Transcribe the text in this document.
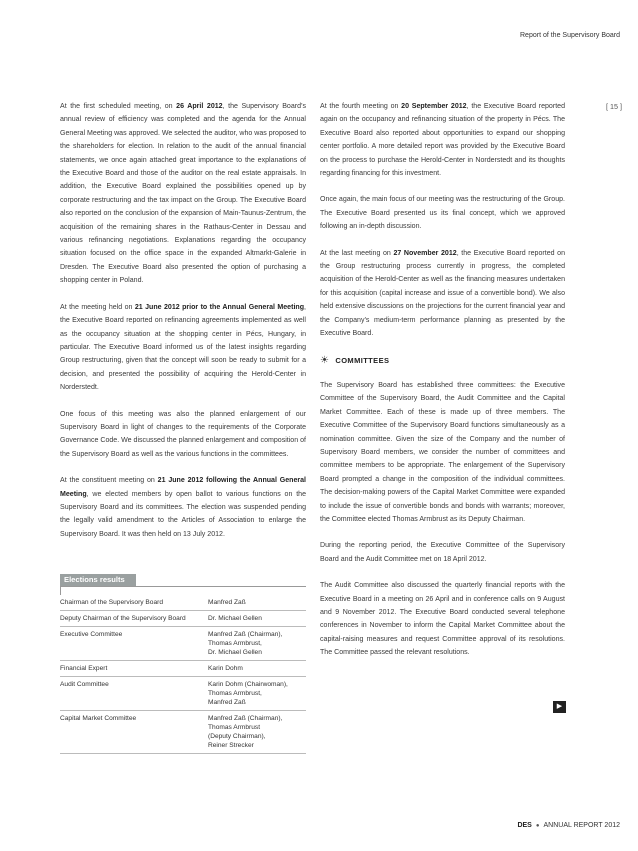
Report of the Supervisory Board
[ 15 ]

At the first scheduled meeting, on 26 April 2012, the Supervisory Board’s annual review of efficiency was completed and the agenda for the Annual General Meeting was approved. We selected the auditor, who was proposed to the shareholders for election. In relation to the audit of the annual financial statements, we once again attached great importance to the explanations of the Executive Board and those of the auditor on the real estate appraisals. In addition, the Executive Board explained the possibilities opened up by corporate restructuring and the tax impact on the Group. The Executive Board also reported on the conclusion of the expansion of Main-Taunus-Zentrum, the acquisition of the remaining shares in the Rathaus-Center in Dessau and various refinancing negotiations. Explanations regarding the occupancy situation focused on the office space in the expanded Altmarkt-Galerie in Dresden. The Executive Board also presented the option of purchasing a shopping center in Poland.

At the meeting held on 21 June 2012 prior to the Annual General Meeting, the Executive Board reported on refinancing agreements implemented as well as the occupancy situation at the shopping center in Pécs, Hungary, in particular. The Executive Board informed us of the latest insights regarding Group restructuring, given that the concept will soon be ready to submit for a decision, and presented the possibility of acquiring the Herold-Center in Norderstedt.

One focus of this meeting was also the planned enlargement of our Supervisory Board in light of changes to the requirements of the Corporate Governance Code. We discussed the planned enlargement and composition of the Supervisory Board as well as the various functions in the committees.

At the constituent meeting on 21 June 2012 following the Annual General Meeting, we elected members by open ballot to various functions on the Supervisory Board and its committees. The election was suspended pending the legally valid amendment to the Articles of Association to enlarge the Supervisory Board. It was then held on 13 July 2012.

Elections results
Chairman of the Supervisory Board	Manfred Zaß
Deputy Chairman of the Supervisory Board	Dr. Michael Gellen
Executive Committee	Manfred Zaß (Chairman),
Thomas Armbrust,
Dr. Michael Gellen
Financial Expert	Karin Dohm
Audit Committee	Karin Dohm (Chairwoman),
Thomas Armbrust,
Manfred Zaß
Capital Market Committee	Manfred Zaß (Chairman),
Thomas Armbrust
(Deputy Chairman),
Reiner Strecker

At the fourth meeting on 20 September 2012, the Executive Board reported again on the occupancy and refinancing situation of the property in Pécs. The Executive Board also reported about opportunities to expand our shopping center portfolio. A more detailed report was provided by the Executive Board on the process to purchase the Herold-Center in Norderstedt and its thoughts regarding financing for this investment.

Once again, the main focus of our meeting was the restructuring of the Group. The Executive Board presented us its final concept, which we approved following an in-depth discussion.

At the last meeting on 27 November 2012, the Executive Board reported on the Group restructuring process currently in progress, the completed acquisition of the Herold-Center as well as the financing measures undertaken for this acquisition (capital increase and issue of a convertible bond). We also held extensive discussions on the projections for the current financial year and the Company’s medium-term performance planning as presented by the Executive Board.

☀ COMMITTEES

The Supervisory Board has established three committees: the Executive Committee of the Supervisory Board, the Audit Committee and the Capital Market Committee. Each of these is made up of three members. The Executive Committee of the Supervisory Board functions simultaneously as a nomination committee. Given the size of the Company and the number of Supervisory Board members, we consider the number of committees and committee members to be appropriate. The enlargement of the Supervisory Board prompted a change in the composition of the individual committees. The decision-making powers of the Capital Market Committee were expanded to include the issue of convertible bonds and bonds with warrants; moreover, the Committee elected Thomas Armbrust as its Deputy Chairman.

During the reporting period, the Executive Committee of the Supervisory Board and the Audit Committee met on 18 April 2012.

The Audit Committee also discussed the quarterly financial reports with the Executive Board in a meeting on 26 April and in conference calls on 9 August and 9 November 2012. The Executive Board conducted several telephone conferences in November to inform the Capital Market Committee about the capital-raising measures and request Committee approval of its resolutions. The Committee passed the relevant resolutions.

▶
DES ● ANNUAL REPORT 2012
